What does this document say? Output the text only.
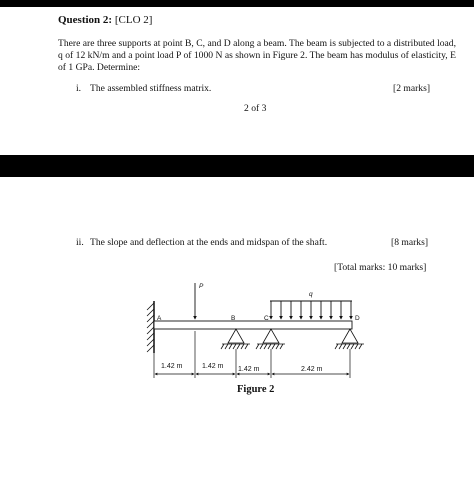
Question 2: [CLO 2]
There are three supports at point B, C, and D along a beam. The beam is subjected to a distributed load, q of 12 kN/m and a point load P of 1000 N as shown in Figure 2. The beam has modulus of elasticity, E of 1 GPa. Determine:
i. The assembled stiffness matrix.	[2 marks]
2 of 3
ii. The slope and deflection at the ends and midspan of the shaft.	[8 marks]
[Total marks: 10 marks]
A	B	C	D
P
q
1.42 m	1.42 m 1.42 m	2.42 m
Figure 2
